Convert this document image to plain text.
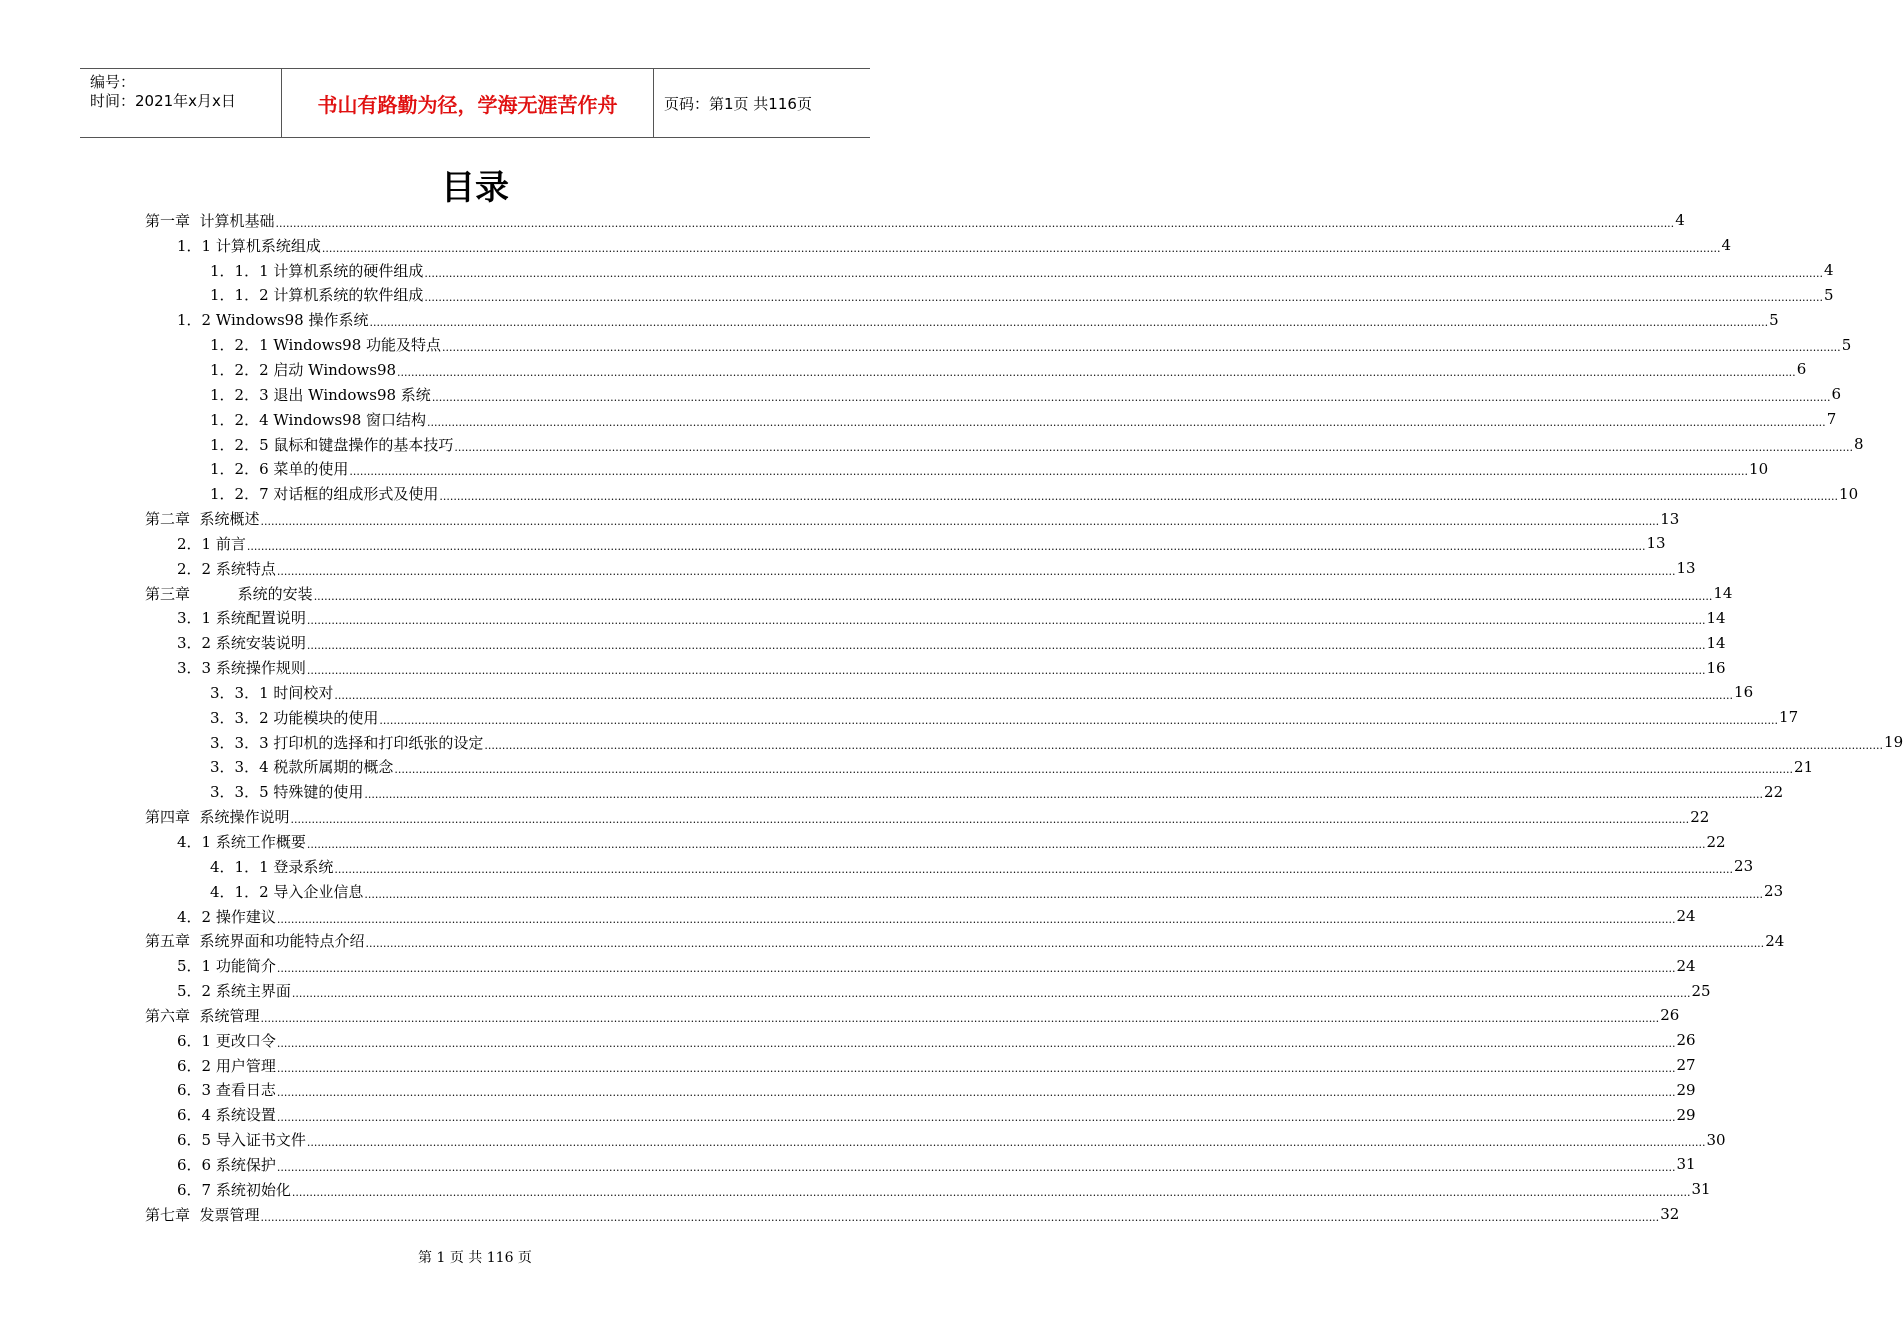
编号：
时间：2021年x月x日	书山有路勤为径，学海无涯苦作舟	页码：第1页 共116页
目录
第一章  计算机基础 ................................................................................................................................................................................................................................................................................................................................................................................................................ 4
1．1 计算机系统组成 ................................................................................................................................................................................................................................................................................................................................................................................................................ 4
1．1．1 计算机系统的硬件组成 ................................................................................................................................................................................................................................................................................................................................................................................................................ 4
1．1．2 计算机系统的软件组成 ................................................................................................................................................................................................................................................................................................................................................................................................................ 5
1．2 Windows98 操作系统 ................................................................................................................................................................................................................................................................................................................................................................................................................ 5
1．2．1 Windows98 功能及特点 ................................................................................................................................................................................................................................................................................................................................................................................................................ 5
1．2．2 启动 Windows98 ................................................................................................................................................................................................................................................................................................................................................................................................................ 6
1．2．3 退出 Windows98 系统 ................................................................................................................................................................................................................................................................................................................................................................................................................ 6
1．2．4 Windows98 窗口结构 ................................................................................................................................................................................................................................................................................................................................................................................................................ 7
1．2．5 鼠标和键盘操作的基本技巧 ................................................................................................................................................................................................................................................................................................................................................................................................................ 8
1．2．6 菜单的使用 ................................................................................................................................................................................................................................................................................................................................................................................................................ 10
1．2．7 对话框的组成形式及使用 ................................................................................................................................................................................................................................................................................................................................................................................................................ 10
第二章  系统概述 ................................................................................................................................................................................................................................................................................................................................................................................................................ 13
2．1 前言 ................................................................................................................................................................................................................................................................................................................................................................................................................ 13
2．2 系统特点 ................................................................................................................................................................................................................................................................................................................................................................................................................ 13
第三章          系统的安装 ................................................................................................................................................................................................................................................................................................................................................................................................................ 14
3．1 系统配置说明 ................................................................................................................................................................................................................................................................................................................................................................................................................ 14
3．2 系统安装说明 ................................................................................................................................................................................................................................................................................................................................................................................................................ 14
3．3 系统操作规则 ................................................................................................................................................................................................................................................................................................................................................................................................................ 16
3．3．1 时间校对 ................................................................................................................................................................................................................................................................................................................................................................................................................ 16
3．3．2 功能模块的使用 ................................................................................................................................................................................................................................................................................................................................................................................................................ 17
3．3．3 打印机的选择和打印纸张的设定 ................................................................................................................................................................................................................................................................................................................................................................................................................ 19
3．3．4 税款所属期的概念 ................................................................................................................................................................................................................................................................................................................................................................................................................ 21
3．3．5 特殊键的使用 ................................................................................................................................................................................................................................................................................................................................................................................................................ 22
第四章  系统操作说明 ................................................................................................................................................................................................................................................................................................................................................................................................................ 22
4．1 系统工作概要 ................................................................................................................................................................................................................................................................................................................................................................................................................ 22
4．1．1 登录系统 ................................................................................................................................................................................................................................................................................................................................................................................................................ 23
4．1．2 导入企业信息 ................................................................................................................................................................................................................................................................................................................................................................................................................ 23
4．2 操作建议 ................................................................................................................................................................................................................................................................................................................................................................................................................ 24
第五章  系统界面和功能特点介绍 ................................................................................................................................................................................................................................................................................................................................................................................................................ 24
5．1 功能简介 ................................................................................................................................................................................................................................................................................................................................................................................................................ 24
5．2 系统主界面 ................................................................................................................................................................................................................................................................................................................................................................................................................ 25
第六章  系统管理 ................................................................................................................................................................................................................................................................................................................................................................................................................ 26
6．1 更改口令 ................................................................................................................................................................................................................................................................................................................................................................................................................ 26
6．2 用户管理 ................................................................................................................................................................................................................................................................................................................................................................................................................ 27
6．3 查看日志 ................................................................................................................................................................................................................................................................................................................................................................................................................ 29
6．4 系统设置 ................................................................................................................................................................................................................................................................................................................................................................................................................ 29
6．5 导入证书文件 ................................................................................................................................................................................................................................................................................................................................................................................................................ 30
6．6 系统保护 ................................................................................................................................................................................................................................................................................................................................................................................................................ 31
6．7 系统初始化 ................................................................................................................................................................................................................................................................................................................................................................................................................ 31
第七章  发票管理 ................................................................................................................................................................................................................................................................................................................................................................................................................ 32
第 1 页 共 116 页
